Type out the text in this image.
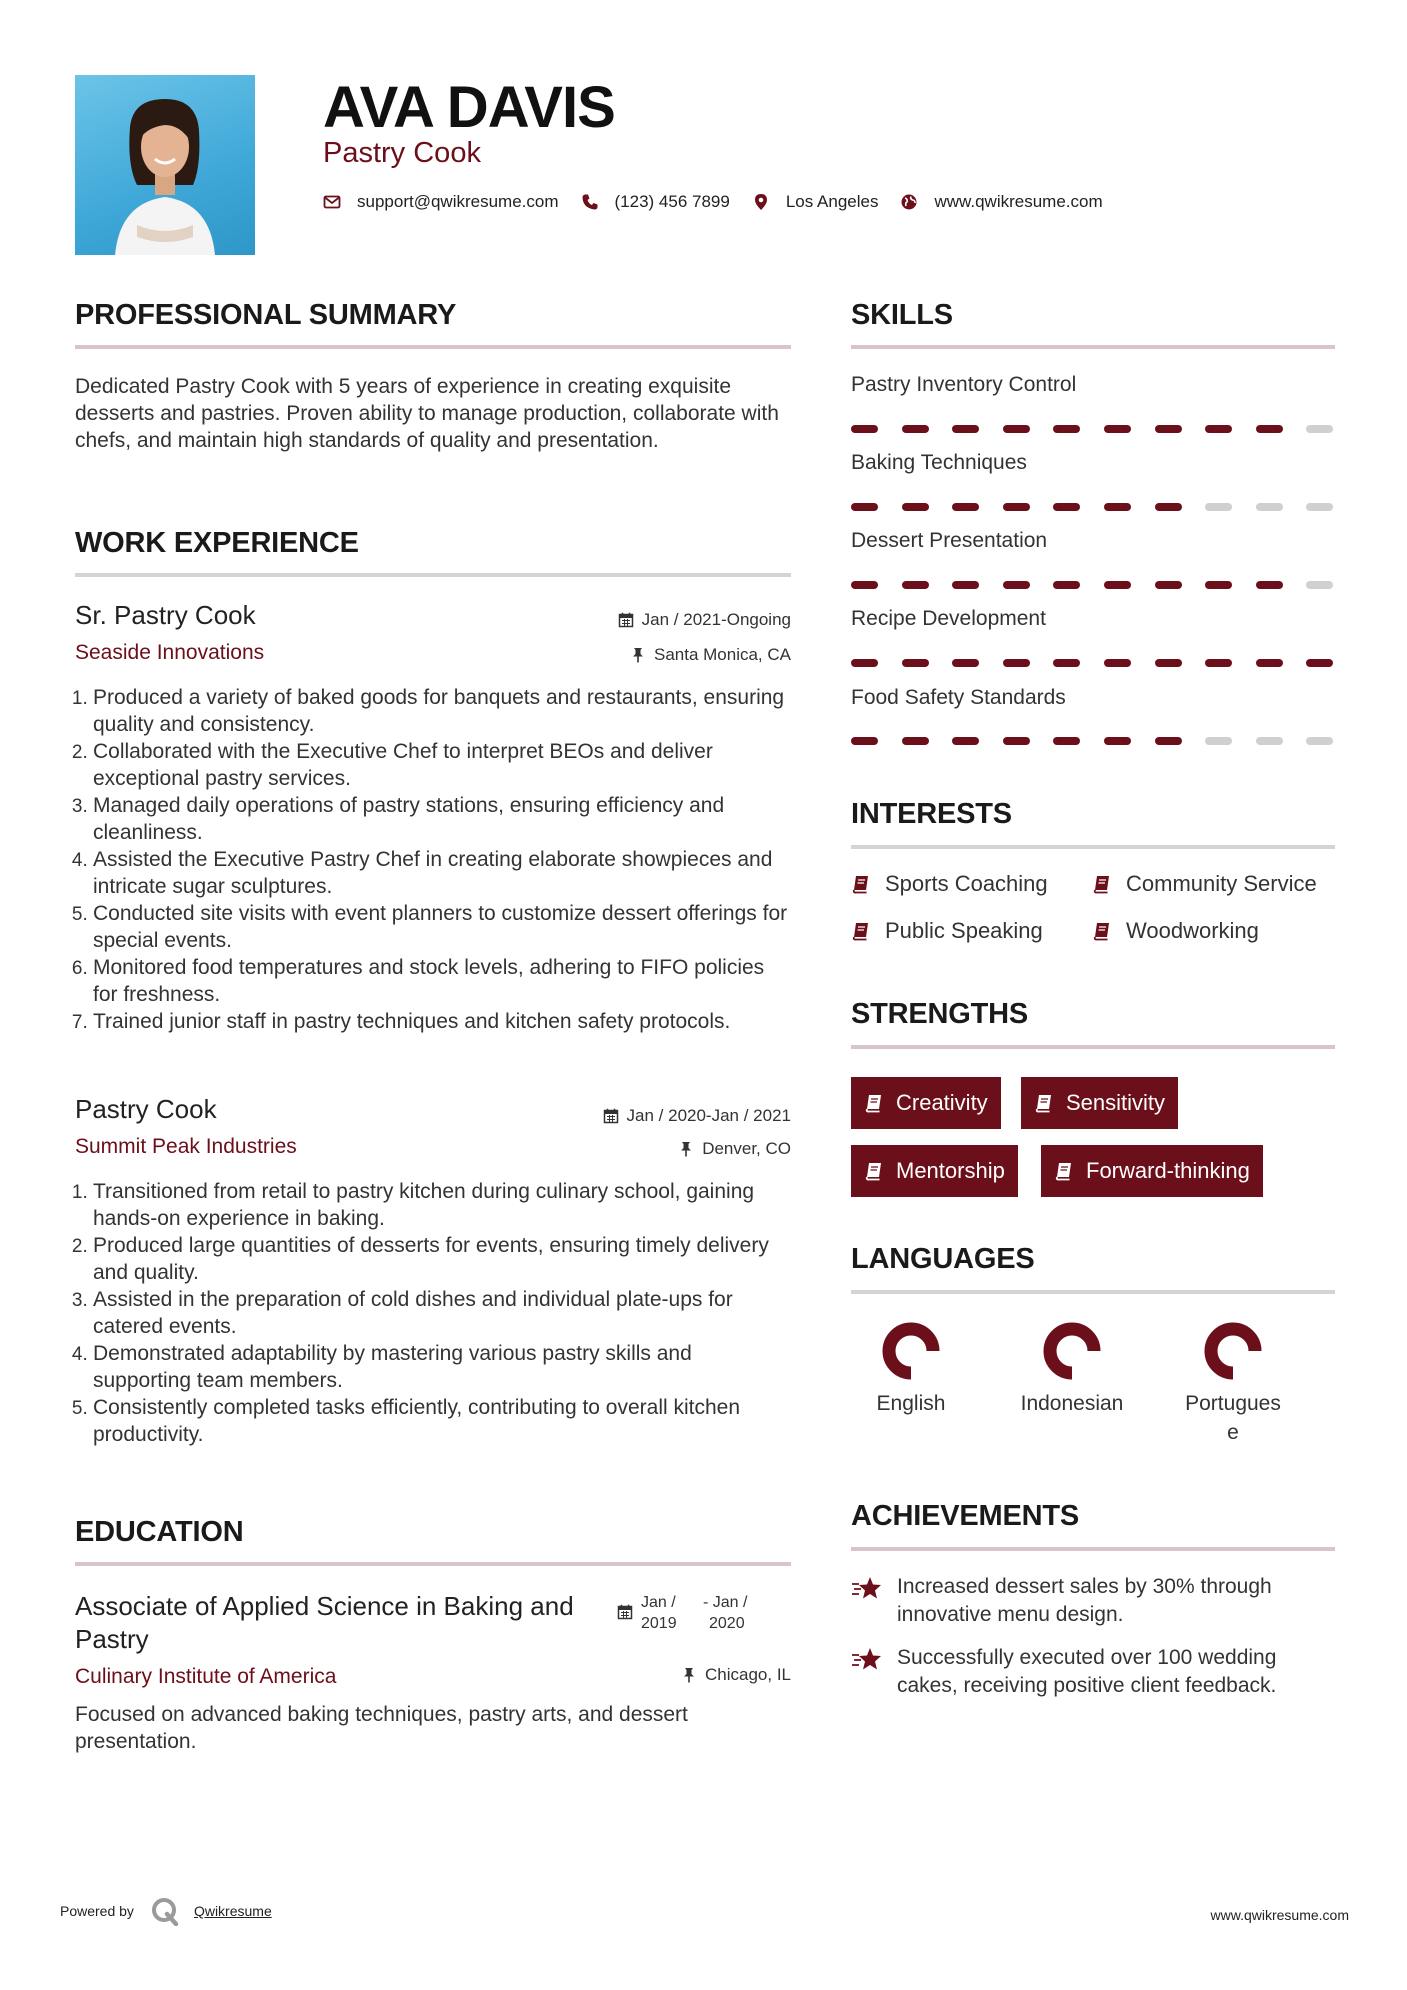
AVA DAVIS
Pastry Cook
support@qwikresume.com	(123) 456 7899	Los Angeles	www.qwikresume.com
PROFESSIONAL SUMMARY
Dedicated Pastry Cook with 5 years of experience in creating exquisite desserts and pastries. Proven ability to manage production, collaborate with chefs, and maintain high standards of quality and presentation.
WORK EXPERIENCE
Sr. Pastry Cook	Jan / 2021-Ongoing
Seaside Innovations	Santa Monica, CA
1. Produced a variety of baked goods for banquets and restaurants, ensuring quality and consistency.
2. Collaborated with the Executive Chef to interpret BEOs and deliver exceptional pastry services.
3. Managed daily operations of pastry stations, ensuring efficiency and cleanliness.
4. Assisted the Executive Pastry Chef in creating elaborate showpieces and intricate sugar sculptures.
5. Conducted site visits with event planners to customize dessert offerings for special events.
6. Monitored food temperatures and stock levels, adhering to FIFO policies for freshness.
7. Trained junior staff in pastry techniques and kitchen safety protocols.
Pastry Cook	Jan / 2020-Jan / 2021
Summit Peak Industries	Denver, CO
1. Transitioned from retail to pastry kitchen during culinary school, gaining hands-on experience in baking.
2. Produced large quantities of desserts for events, ensuring timely delivery and quality.
3. Assisted in the preparation of cold dishes and individual plate-ups for catered events.
4. Demonstrated adaptability by mastering various pastry skills and supporting team members.
5. Consistently completed tasks efficiently, contributing to overall kitchen productivity.
EDUCATION
Associate of Applied Science in Baking and Pastry
Jan /
2019
- Jan /
2020
Culinary Institute of America	Chicago, IL
Focused on advanced baking techniques, pastry arts, and dessert presentation.
SKILLS
Pastry Inventory Control
Baking Techniques
Dessert Presentation
Recipe Development
Food Safety Standards
INTERESTS
Sports Coaching	Community Service
Public Speaking	Woodworking
STRENGTHS
Creativity	Sensitivity
Mentorship	Forward-thinking
LANGUAGES
English	Indonesian	Portugues
e
ACHIEVEMENTS
Increased dessert sales by 30% through innovative menu design.
Successfully executed over 100 wedding cakes, receiving positive client feedback.
Powered by	Qwikresume	www.qwikresume.com
